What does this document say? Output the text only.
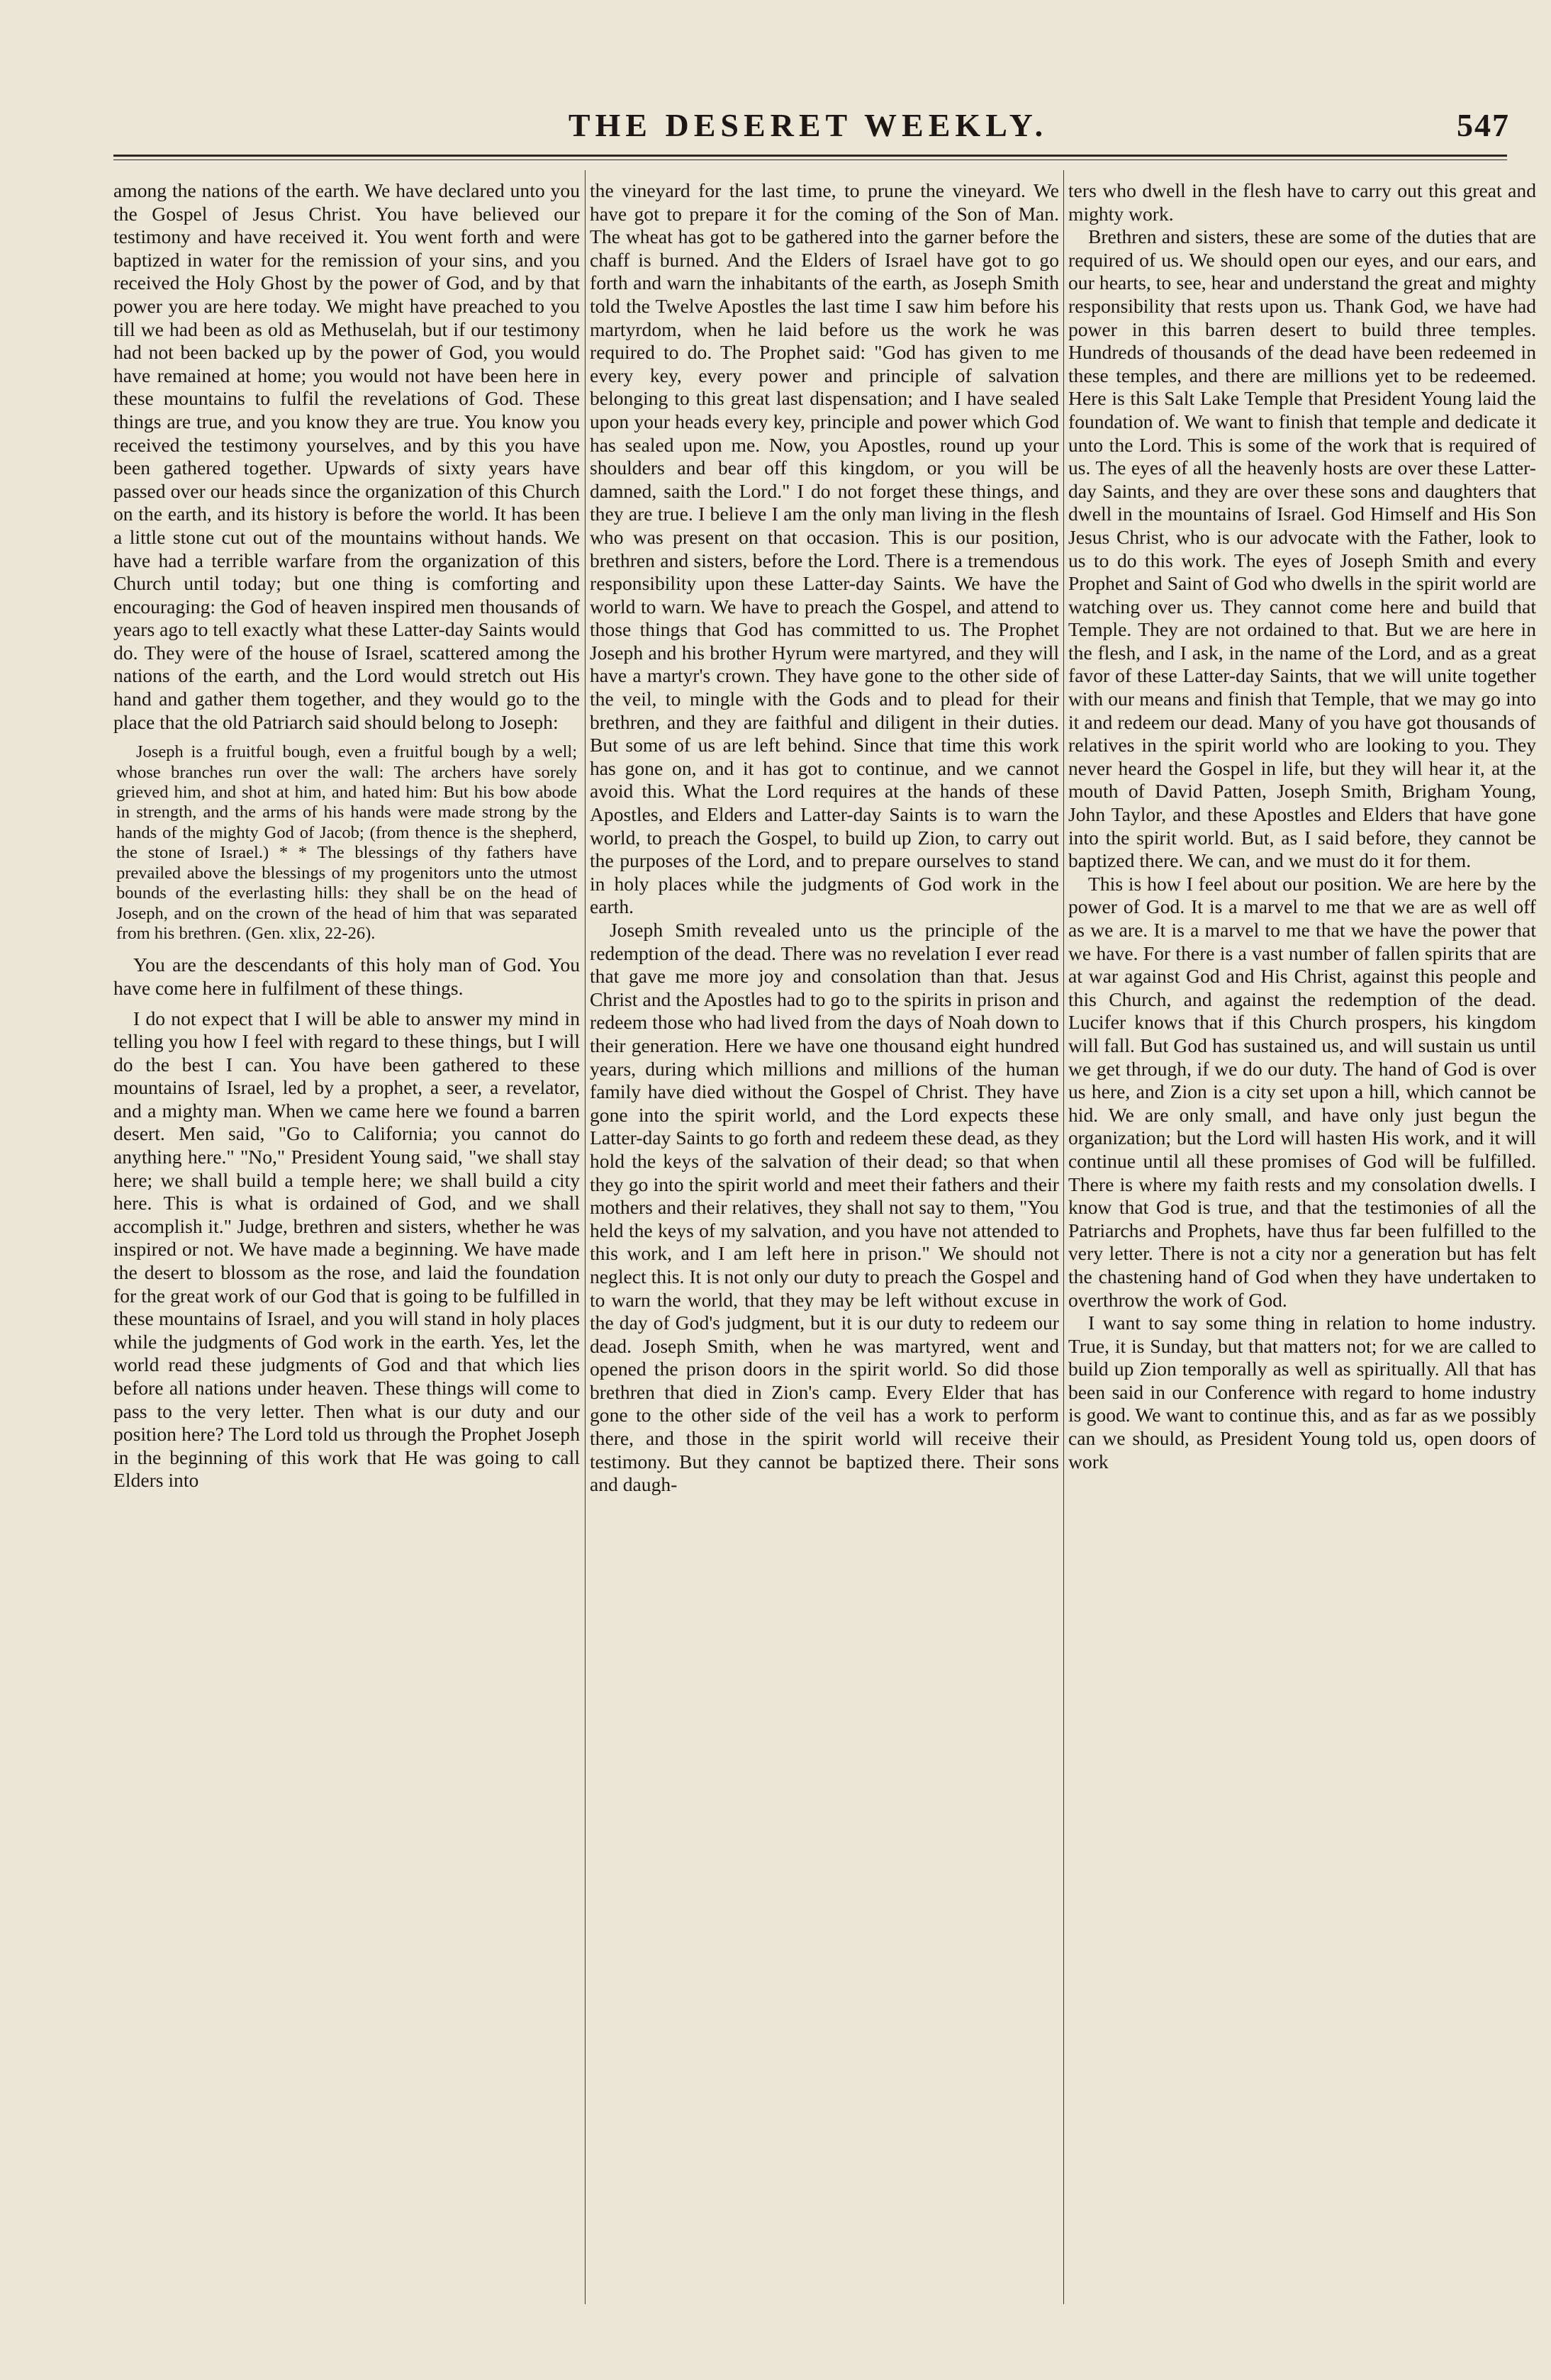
THE DESERET WEEKLY.	547

among the nations of the earth. We have declared unto you the Gospel of Jesus Christ. You have believed our testimony and have received it. You went forth and were baptized in water for the remission of your sins, and you received the Holy Ghost by the power of God, and by that power you are here today. We might have preached to you till we had been as old as Methuselah, but if our testimony had not been backed up by the power of God, you would have remained at home; you would not have been here in these mountains to fulfil the revelations of God. These things are true, and you know they are true. You know you received the testimony yourselves, and by this you have been gathered together. Upwards of sixty years have passed over our heads since the organization of this Church on the earth, and its history is before the world. It has been a little stone cut out of the mountains without hands. We have had a terrible warfare from the organization of this Church until today; but one thing is comforting and encouraging: the God of heaven inspired men thousands of years ago to tell exactly what these Latter-day Saints would do. They were of the house of Israel, scattered among the nations of the earth, and the Lord would stretch out His hand and gather them together, and they would go to the place that the old Patriarch said should belong to Joseph:

Joseph is a fruitful bough, even a fruitful bough by a well; whose branches run over the wall: The archers have sorely grieved him, and shot at him, and hated him: But his bow abode in strength, and the arms of his hands were made strong by the hands of the mighty God of Jacob; (from thence is the shepherd, the stone of Israel.) * * The blessings of thy fathers have prevailed above the blessings of my progenitors unto the utmost bounds of the everlasting hills: they shall be on the head of Joseph, and on the crown of the head of him that was separated from his brethren. (Gen. xlix, 22-26).

You are the descendants of this holy man of God. You have come here in fulfilment of these things.

I do not expect that I will be able to answer my mind in telling you how I feel with regard to these things, but I will do the best I can. You have been gathered to these mountains of Israel, led by a prophet, a seer, a revelator, and a mighty man. When we came here we found a barren desert. Men said, "Go to California; you cannot do anything here." "No," President Young said, "we shall stay here; we shall build a temple here; we shall build a city here. This is what is ordained of God, and we shall accomplish it." Judge, brethren and sisters, whether he was inspired or not. We have made a beginning. We have made the desert to blossom as the rose, and laid the foundation for the great work of our God that is going to be fulfilled in these mountains of Israel, and you will stand in holy places while the judgments of God work in the earth. Yes, let the world read these judgments of God and that which lies before all nations under heaven. These things will come to pass to the very letter. Then what is our duty and our position here? The Lord told us through the Prophet Joseph in the beginning of this work that He was going to call Elders into

the vineyard for the last time, to prune the vineyard. We have got to prepare it for the coming of the Son of Man. The wheat has got to be gathered into the garner before the chaff is burned. And the Elders of Israel have got to go forth and warn the inhabitants of the earth, as Joseph Smith told the Twelve Apostles the last time I saw him before his martyrdom, when he laid before us the work he was required to do. The Prophet said: "God has given to me every key, every power and principle of salvation belonging to this great last dispensation; and I have sealed upon your heads every key, principle and power which God has sealed upon me. Now, you Apostles, round up your shoulders and bear off this kingdom, or you will be damned, saith the Lord." I do not forget these things, and they are true. I believe I am the only man living in the flesh who was present on that occasion. This is our position, brethren and sisters, before the Lord. There is a tremendous responsibility upon these Latter-day Saints. We have the world to warn. We have to preach the Gospel, and attend to those things that God has committed to us. The Prophet Joseph and his brother Hyrum were martyred, and they will have a martyr's crown. They have gone to the other side of the veil, to mingle with the Gods and to plead for their brethren, and they are faithful and diligent in their duties. But some of us are left behind. Since that time this work has gone on, and it has got to continue, and we cannot avoid this. What the Lord requires at the hands of these Apostles, and Elders and Latter-day Saints is to warn the world, to preach the Gospel, to build up Zion, to carry out the purposes of the Lord, and to prepare ourselves to stand in holy places while the judgments of God work in the earth.

Joseph Smith revealed unto us the principle of the redemption of the dead. There was no revelation I ever read that gave me more joy and consolation than that. Jesus Christ and the Apostles had to go to the spirits in prison and redeem those who had lived from the days of Noah down to their generation. Here we have one thousand eight hundred years, during which millions and millions of the human family have died without the Gospel of Christ. They have gone into the spirit world, and the Lord expects these Latter-day Saints to go forth and redeem these dead, as they hold the keys of the salvation of their dead; so that when they go into the spirit world and meet their fathers and their mothers and their relatives, they shall not say to them, "You held the keys of my salvation, and you have not attended to this work, and I am left here in prison." We should not neglect this. It is not only our duty to preach the Gospel and to warn the world, that they may be left without excuse in the day of God's judgment, but it is our duty to redeem our dead. Joseph Smith, when he was martyred, went and opened the prison doors in the spirit world. So did those brethren that died in Zion's camp. Every Elder that has gone to the other side of the veil has a work to perform there, and those in the spirit world will receive their testimony. But they cannot be baptized there. Their sons and daugh-

ters who dwell in the flesh have to carry out this great and mighty work.

Brethren and sisters, these are some of the duties that are required of us. We should open our eyes, and our ears, and our hearts, to see, hear and understand the great and mighty responsibility that rests upon us. Thank God, we have had power in this barren desert to build three temples. Hundreds of thousands of the dead have been redeemed in these temples, and there are millions yet to be redeemed. Here is this Salt Lake Temple that President Young laid the foundation of. We want to finish that temple and dedicate it unto the Lord. This is some of the work that is required of us. The eyes of all the heavenly hosts are over these Latter-day Saints, and they are over these sons and daughters that dwell in the mountains of Israel. God Himself and His Son Jesus Christ, who is our advocate with the Father, look to us to do this work. The eyes of Joseph Smith and every Prophet and Saint of God who dwells in the spirit world are watching over us. They cannot come here and build that Temple. They are not ordained to that. But we are here in the flesh, and I ask, in the name of the Lord, and as a great favor of these Latter-day Saints, that we will unite together with our means and finish that Temple, that we may go into it and redeem our dead. Many of you have got thousands of relatives in the spirit world who are looking to you. They never heard the Gospel in life, but they will hear it, at the mouth of David Patten, Joseph Smith, Brigham Young, John Taylor, and these Apostles and Elders that have gone into the spirit world. But, as I said before, they cannot be baptized there. We can, and we must do it for them.

This is how I feel about our position. We are here by the power of God. It is a marvel to me that we are as well off as we are. It is a marvel to me that we have the power that we have. For there is a vast number of fallen spirits that are at war against God and His Christ, against this people and this Church, and against the redemption of the dead. Lucifer knows that if this Church prospers, his kingdom will fall. But God has sustained us, and will sustain us until we get through, if we do our duty. The hand of God is over us here, and Zion is a city set upon a hill, which cannot be hid. We are only small, and have only just begun the organization; but the Lord will hasten His work, and it will continue until all these promises of God will be fulfilled. There is where my faith rests and my consolation dwells. I know that God is true, and that the testimonies of all the Patriarchs and Prophets, have thus far been fulfilled to the very letter. There is not a city nor a generation but has felt the chastening hand of God when they have undertaken to overthrow the work of God.

I want to say some thing in relation to home industry. True, it is Sunday, but that matters not; for we are called to build up Zion temporally as well as spiritually. All that has been said in our Conference with regard to home industry is good. We want to continue this, and as far as we possibly can we should, as President Young told us, open doors of work
